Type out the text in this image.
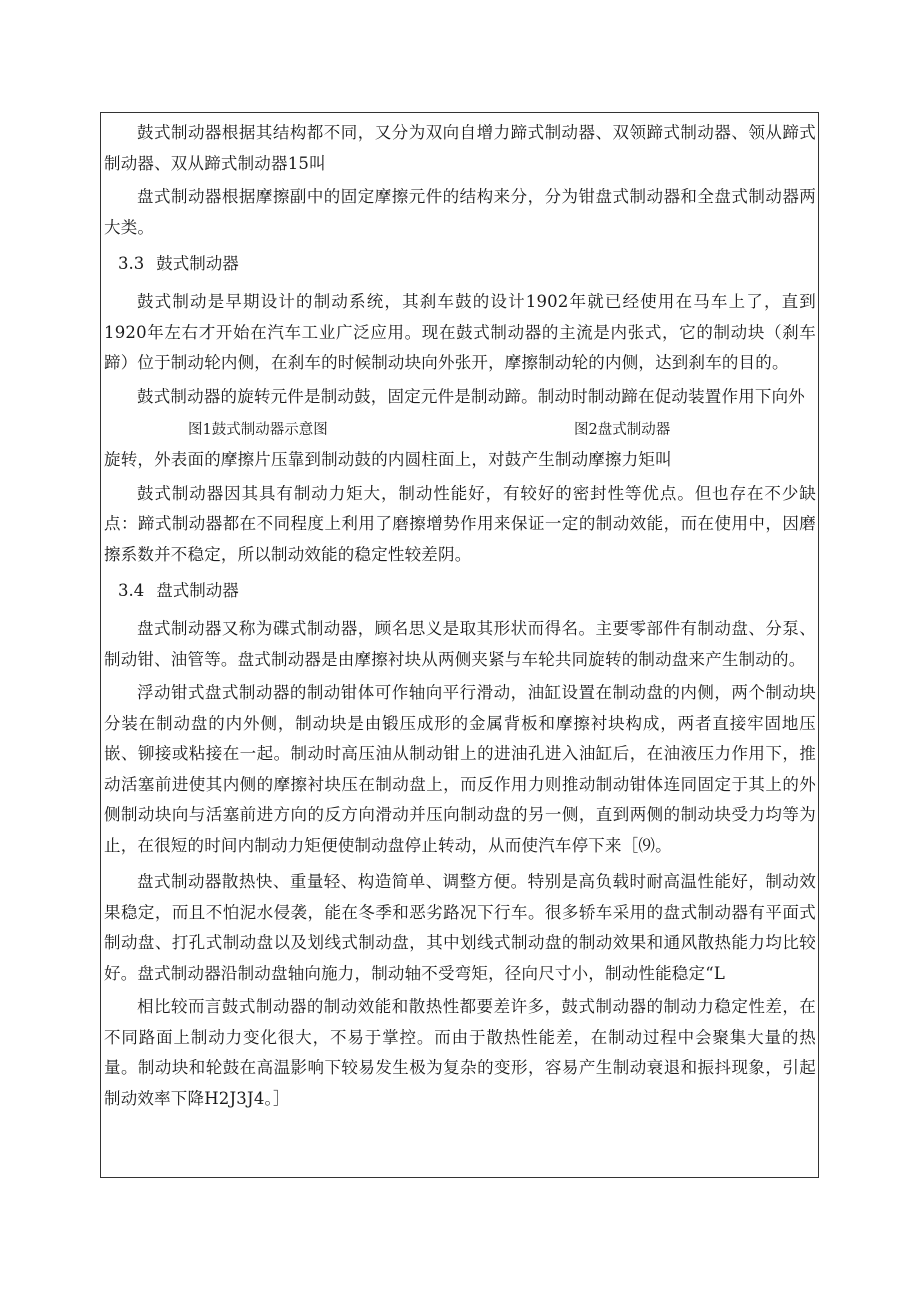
鼓式制动器根据其结构都不同，又分为双向自增力蹄式制动器、双领蹄式制动器、领从蹄式制动器、双从蹄式制动器15叫

盘式制动器根据摩擦副中的固定摩擦元件的结构来分，分为钳盘式制动器和全盘式制动器两大类。

3.3 鼓式制动器

鼓式制动是早期设计的制动系统，其刹车鼓的设计1902年就已经使用在马车上了，直到1920年左右才开始在汽车工业广泛应用。现在鼓式制动器的主流是内张式，它的制动块（刹车蹄）位于制动轮内侧，在刹车的时候制动块向外张开，摩擦制动轮的内侧，达到刹车的目的。

鼓式制动器的旋转元件是制动鼓，固定元件是制动蹄。制动时制动蹄在促动装置作用下向外

图1鼓式制动器示意图	图2盘式制动器

旋转，外表面的摩擦片压靠到制动鼓的内圆柱面上，对鼓产生制动摩擦力矩叫

鼓式制动器因其具有制动力矩大，制动性能好，有较好的密封性等优点。但也存在不少缺点：蹄式制动器都在不同程度上利用了磨擦增势作用来保证一定的制动效能，而在使用中，因磨擦系数并不稳定，所以制动效能的稳定性较差阴。

3.4 盘式制动器

盘式制动器又称为碟式制动器，顾名思义是取其形状而得名。主要零部件有制动盘、分泵、制动钳、油管等。盘式制动器是由摩擦衬块从两侧夹紧与车轮共同旋转的制动盘来产生制动的。

浮动钳式盘式制动器的制动钳体可作轴向平行滑动，油缸设置在制动盘的内侧，两个制动块分装在制动盘的内外侧，制动块是由锻压成形的金属背板和摩擦衬块构成，两者直接牢固地压嵌、铆接或粘接在一起。制动时高压油从制动钳上的进油孔进入油缸后，在油液压力作用下，推动活塞前进使其内侧的摩擦衬块压在制动盘上，而反作用力则推动制动钳体连同固定于其上的外侧制动块向与活塞前进方向的反方向滑动并压向制动盘的另一侧，直到两侧的制动块受力均等为止，在很短的时间内制动力矩便使制动盘停止转动，从而使汽车停下来［⑼。

盘式制动器散热快、重量轻、构造简单、调整方便。特别是高负载时耐高温性能好，制动效果稳定，而且不怕泥水侵袭，能在冬季和恶劣路况下行车。很多轿车采用的盘式制动器有平面式制动盘、打孔式制动盘以及划线式制动盘，其中划线式制动盘的制动效果和通风散热能力均比较好。盘式制动器沿制动盘轴向施力，制动轴不受弯矩，径向尺寸小，制动性能稳定“L

相比较而言鼓式制动器的制动效能和散热性都要差许多，鼓式制动器的制动力稳定性差，在不同路面上制动力变化很大，不易于掌控。而由于散热性能差，在制动过程中会聚集大量的热量。制动块和轮鼓在高温影响下较易发生极为复杂的变形，容易产生制动衰退和振抖现象，引起制动效率下降H2J3J4。］
